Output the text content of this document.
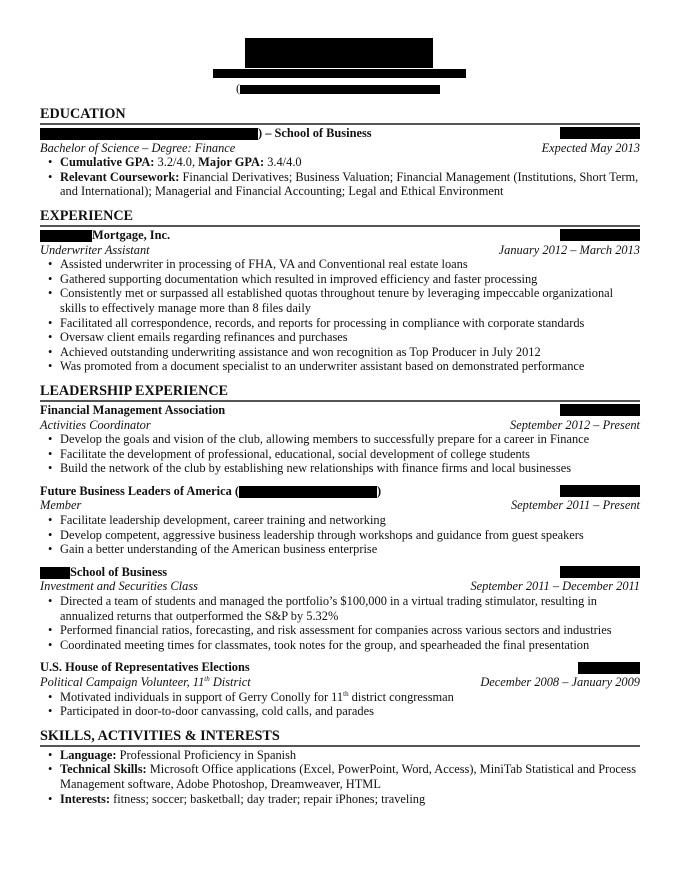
(
EDUCATION
) – School of Business
Bachelor of Science – Degree: Finance	Expected May 2013
• Cumulative GPA: 3.2/4.0, Major GPA: 3.4/4.0
• Relevant Coursework: Financial Derivatives; Business Valuation; Financial Management (Institutions, Short Term, and International); Managerial and Financial Accounting; Legal and Ethical Environment
EXPERIENCE
Mortgage, Inc.
Underwriter Assistant	January 2012 – March 2013
• Assisted underwriter in processing of FHA, VA and Conventional real estate loans
• Gathered supporting documentation which resulted in improved efficiency and faster processing
• Consistently met or surpassed all established quotas throughout tenure by leveraging impeccable organizational skills to effectively manage more than 8 files daily
• Facilitated all correspondence, records, and reports for processing in compliance with corporate standards
• Oversaw client emails regarding refinances and purchases
• Achieved outstanding underwriting assistance and won recognition as Top Producer in July 2012
• Was promoted from a document specialist to an underwriter assistant based on demonstrated performance
LEADERSHIP EXPERIENCE
Financial Management Association
Activities Coordinator	September 2012 – Present
• Develop the goals and vision of the club, allowing members to successfully prepare for a career in Finance
• Facilitate the development of professional, educational, social development of college students
• Build the network of the club by establishing new relationships with finance firms and local businesses
Future Business Leaders of America (	)
Member	September 2011 – Present
• Facilitate leadership development, career training and networking
• Develop competent, aggressive business leadership through workshops and guidance from guest speakers
• Gain a better understanding of the American business enterprise
School of Business
Investment and Securities Class	September 2011 – December 2011
• Directed a team of students and managed the portfolio’s $100,000 in a virtual trading stimulator, resulting in annualized returns that outperformed the S&P by 5.32%
• Performed financial ratios, forecasting, and risk assessment for companies across various sectors and industries
• Coordinated meeting times for classmates, took notes for the group, and spearheaded the final presentation
U.S. House of Representatives Elections
Political Campaign Volunteer, 11th District	December 2008 – January 2009
• Motivated individuals in support of Gerry Conolly for 11th district congressman
• Participated in door-to-door canvassing, cold calls, and parades
SKILLS, ACTIVITIES & INTERESTS
• Language: Professional Proficiency in Spanish
• Technical Skills: Microsoft Office applications (Excel, PowerPoint, Word, Access), MiniTab Statistical and Process Management software, Adobe Photoshop, Dreamweaver, HTML
• Interests: fitness; soccer; basketball; day trader; repair iPhones; traveling
